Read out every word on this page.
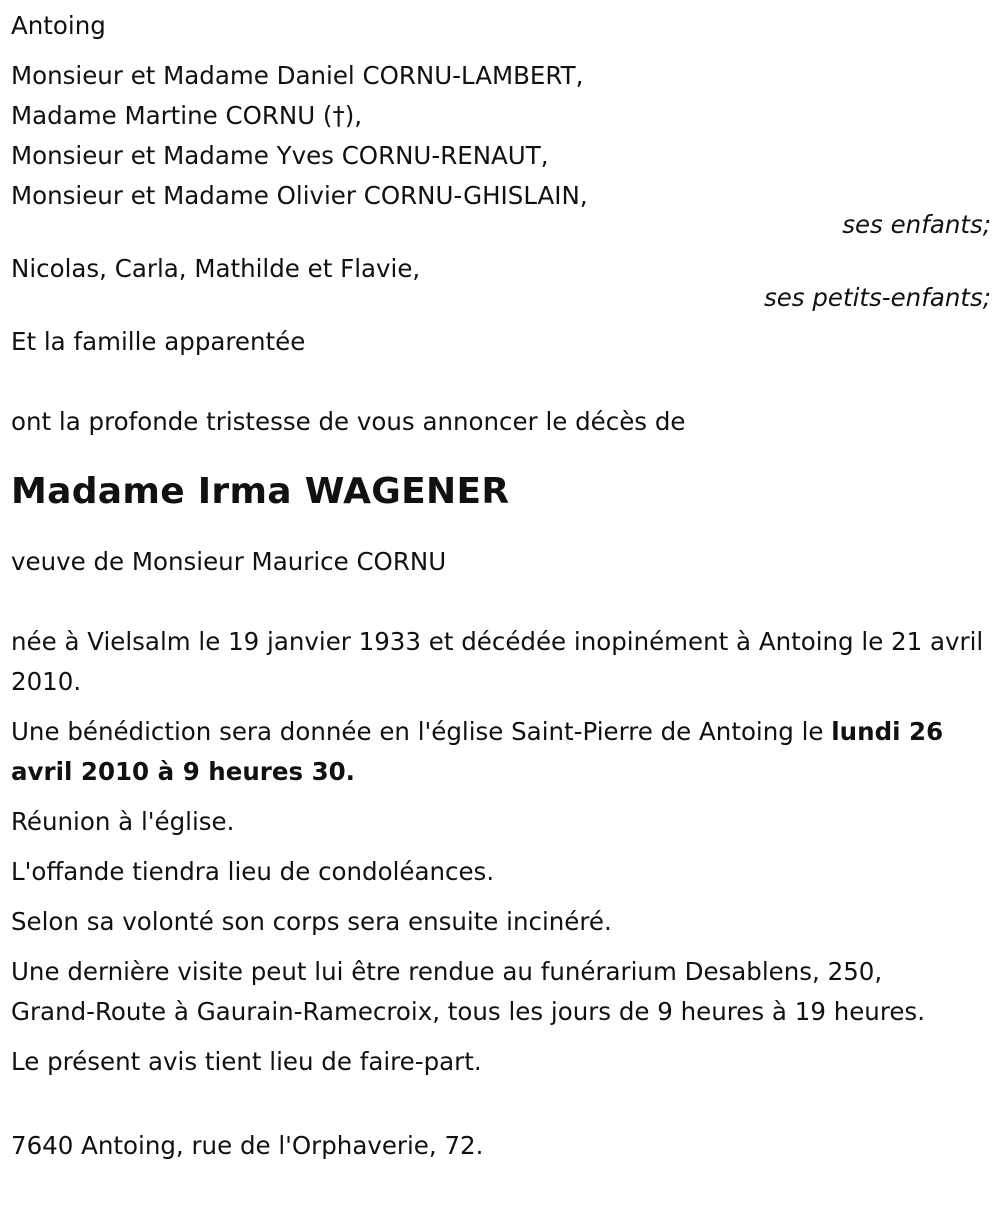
Antoing
Monsieur et Madame Daniel CORNU-LAMBERT,
Madame Martine CORNU (†),
Monsieur et Madame Yves CORNU-RENAUT,
Monsieur et Madame Olivier CORNU-GHISLAIN,
ses enfants;
Nicolas, Carla, Mathilde et Flavie,
ses petits-enfants;
Et la famille apparentée
ont la profonde tristesse de vous annoncer le décès de
Madame Irma WAGENER
veuve de Monsieur Maurice CORNU
née à Vielsalm le 19 janvier 1933 et décédée inopinément à Antoing le 21 avril 2010.
Une bénédiction sera donnée en l'église Saint-Pierre de Antoing le lundi 26 avril 2010 à 9 heures 30.
Réunion à l'église.
L'offande tiendra lieu de condoléances.
Selon sa volonté son corps sera ensuite incinéré.
Une dernière visite peut lui être rendue au funérarium Desablens, 250, Grand-Route à Gaurain-Ramecroix, tous les jours de 9 heures à 19 heures.
Le présent avis tient lieu de faire-part.
7640 Antoing, rue de l'Orphaverie, 72.
